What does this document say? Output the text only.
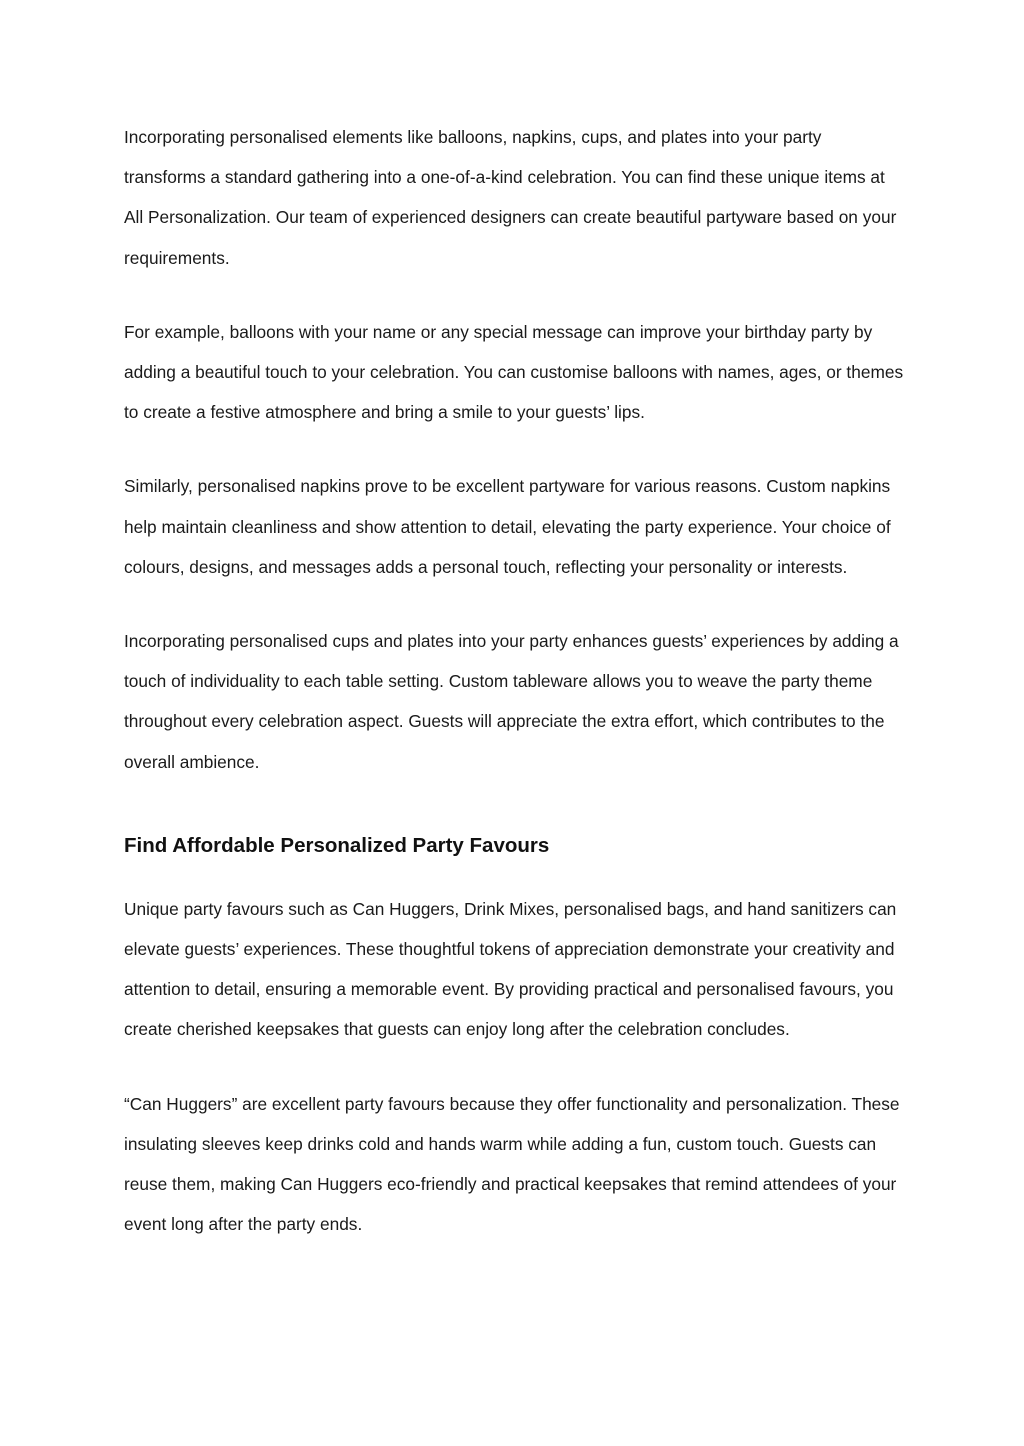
Incorporating personalised elements like balloons, napkins, cups, and plates into your party transforms a standard gathering into a one-of-a-kind celebration. You can find these unique items at All Personalization. Our team of experienced designers can create beautiful partyware based on your requirements.

For example, balloons with your name or any special message can improve your birthday party by adding a beautiful touch to your celebration. You can customise balloons with names, ages, or themes to create a festive atmosphere and bring a smile to your guests’ lips.

Similarly, personalised napkins prove to be excellent partyware for various reasons. Custom napkins help maintain cleanliness and show attention to detail, elevating the party experience. Your choice of colours, designs, and messages adds a personal touch, reflecting your personality or interests.

Incorporating personalised cups and plates into your party enhances guests’ experiences by adding a touch of individuality to each table setting. Custom tableware allows you to weave the party theme throughout every celebration aspect. Guests will appreciate the extra effort, which contributes to the overall ambience.

Find Affordable Personalized Party Favours

Unique party favours such as Can Huggers, Drink Mixes, personalised bags, and hand sanitizers can elevate guests’ experiences. These thoughtful tokens of appreciation demonstrate your creativity and attention to detail, ensuring a memorable event. By providing practical and personalised favours, you create cherished keepsakes that guests can enjoy long after the celebration concludes.

“Can Huggers” are excellent party favours because they offer functionality and personalization. These insulating sleeves keep drinks cold and hands warm while adding a fun, custom touch. Guests can reuse them, making Can Huggers eco-friendly and practical keepsakes that remind attendees of your event long after the party ends.
